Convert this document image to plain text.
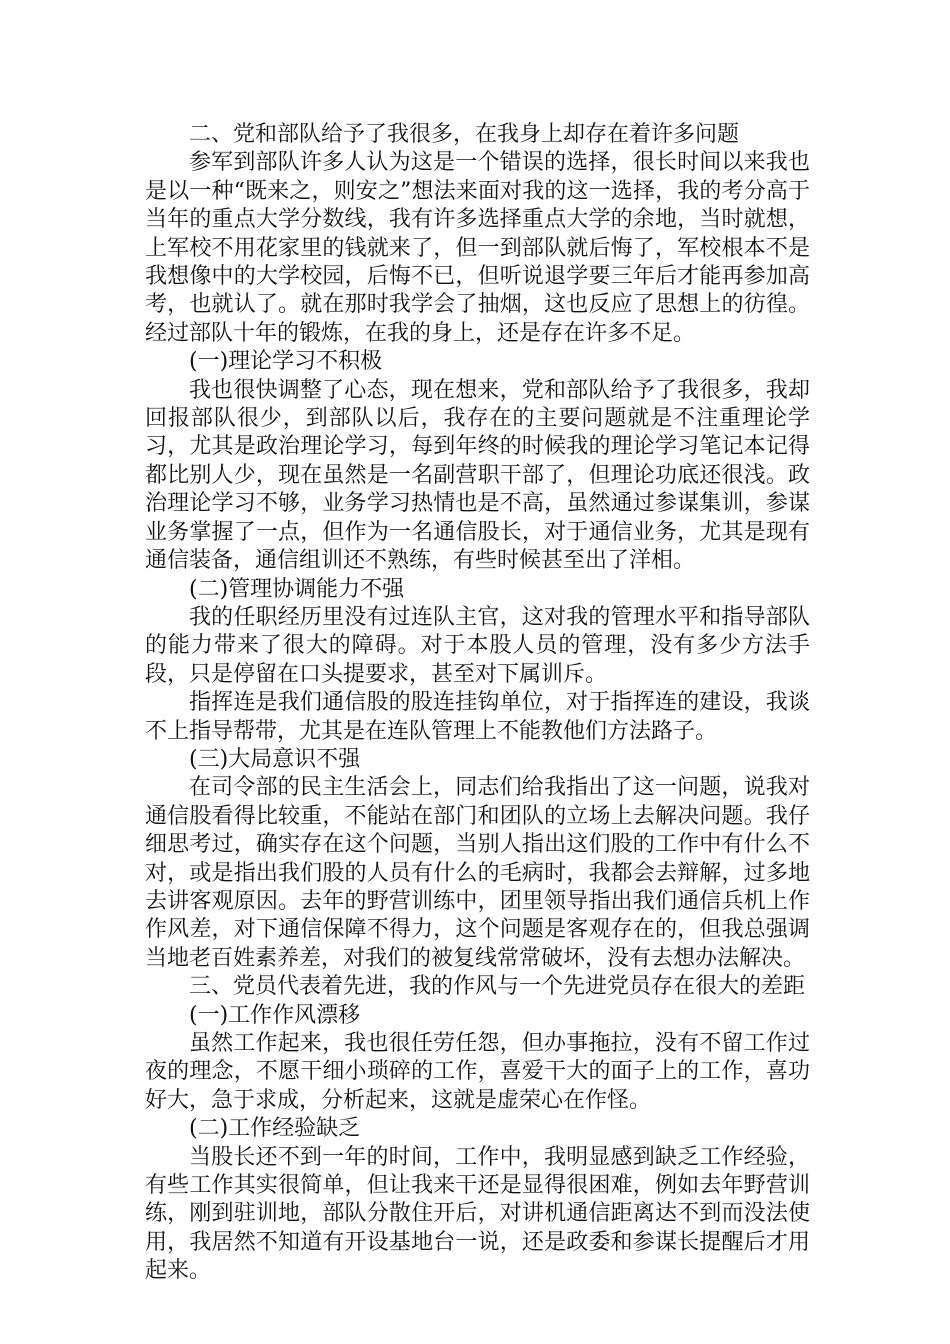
二、党和部队给予了我很多，在我身上却存在着许多问题

参军到部队许多人认为这是一个错误的选择，很长时间以来我也是以一种“既来之，则安之”想法来面对我的这一选择，我的考分高于当年的重点大学分数线，我有许多选择重点大学的余地，当时就想，上军校不用花家里的钱就来了，但一到部队就后悔了，军校根本不是我想像中的大学校园，后悔不已，但听说退学要三年后才能再参加高考，也就认了。就在那时我学会了抽烟，这也反应了思想上的彷徨。经过部队十年的锻炼，在我的身上，还是存在许多不足。

(一)理论学习不积极

我也很快调整了心态，现在想来，党和部队给予了我很多，我却回报部队很少，到部队以后，我存在的主要问题就是不注重理论学习，尤其是政治理论学习，每到年终的时候我的理论学习笔记本记得都比别人少，现在虽然是一名副营职干部了，但理论功底还很浅。政治理论学习不够，业务学习热情也是不高，虽然通过参谋集训，参谋业务掌握了一点，但作为一名通信股长，对于通信业务，尤其是现有通信装备，通信组训还不熟练，有些时候甚至出了洋相。

(二)管理协调能力不强

我的任职经历里没有过连队主官，这对我的管理水平和指导部队的能力带来了很大的障碍。对于本股人员的管理，没有多少方法手段，只是停留在口头提要求，甚至对下属训斥。

指挥连是我们通信股的股连挂钩单位，对于指挥连的建设，我谈不上指导帮带，尤其是在连队管理上不能教他们方法路子。

(三)大局意识不强

在司令部的民主生活会上，同志们给我指出了这一问题，说我对通信股看得比较重，不能站在部门和团队的立场上去解决问题。我仔细思考过，确实存在这个问题，当别人指出这们股的工作中有什么不对，或是指出我们股的人员有什么的毛病时，我都会去辩解，过多地去讲客观原因。去年的野营训练中，团里领导指出我们通信兵机上作作风差，对下通信保障不得力，这个问题是客观存在的，但我总强调当地老百姓素养差，对我们的被复线常常破坏，没有去想办法解决。

三、党员代表着先进，我的作风与一个先进党员存在很大的差距

(一)工作作风漂移

虽然工作起来，我也很任劳任怨，但办事拖拉，没有不留工作过夜的理念，不愿干细小琐碎的工作，喜爱干大的面子上的工作，喜功好大，急于求成，分析起来，这就是虚荣心在作怪。

(二)工作经验缺乏

当股长还不到一年的时间，工作中，我明显感到缺乏工作经验，有些工作其实很简单，但让我来干还是显得很困难，例如去年野营训练，刚到驻训地，部队分散住开后，对讲机通信距离达不到而没法使用，我居然不知道有开设基地台一说，还是政委和参谋长提醒后才用起来。
